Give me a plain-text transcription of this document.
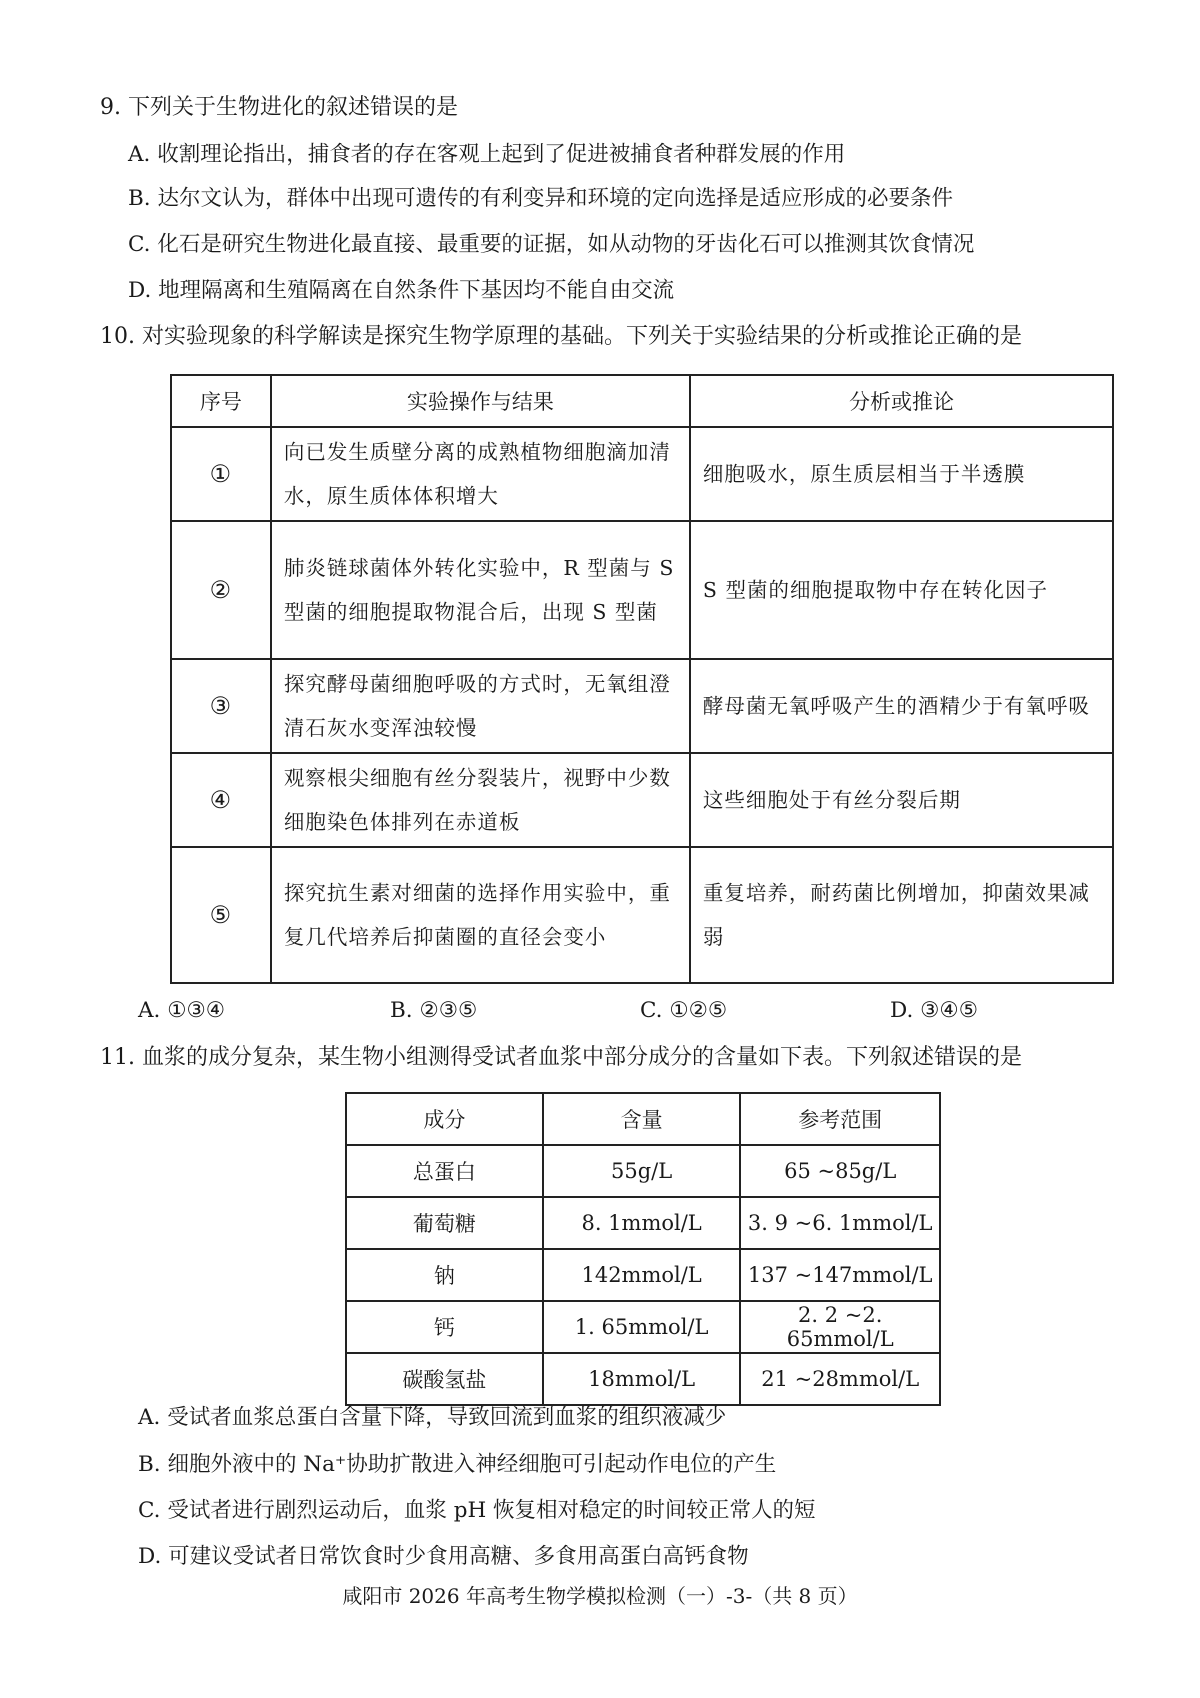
9. 下列关于生物进化的叙述错误的是
A. 收割理论指出，捕食者的存在客观上起到了促进被捕食者种群发展的作用
B. 达尔文认为，群体中出现可遗传的有利变异和环境的定向选择是适应形成的必要条件
C. 化石是研究生物进化最直接、最重要的证据，如从动物的牙齿化石可以推测其饮食情况
D. 地理隔离和生殖隔离在自然条件下基因均不能自由交流
10. 对实验现象的科学解读是探究生物学原理的基础。下列关于实验结果的分析或推论正确的是
序号	实验操作与结果	分析或推论
①	向已发生质壁分离的成熟植物细胞滴加清水，原生质体体积增大	细胞吸水，原生质层相当于半透膜
②	肺炎链球菌体外转化实验中，R 型菌与 S 型菌的细胞提取物混合后，出现 S 型菌	S 型菌的细胞提取物中存在转化因子
③	探究酵母菌细胞呼吸的方式时，无氧组澄清石灰水变浑浊较慢	酵母菌无氧呼吸产生的酒精少于有氧呼吸
④	观察根尖细胞有丝分裂装片，视野中少数细胞染色体排列在赤道板	这些细胞处于有丝分裂后期
⑤	探究抗生素对细菌的选择作用实验中，重复几代培养后抑菌圈的直径会变小	重复培养，耐药菌比例增加，抑菌效果减弱
A. ①③④	B. ②③⑤	C. ①②⑤	D. ③④⑤
11. 血浆的成分复杂，某生物小组测得受试者血浆中部分成分的含量如下表。下列叙述错误的是
成分	含量	参考范围
总蛋白	55g/L	65 ~85g/L
葡萄糖	8. 1mmol/L	3. 9 ~6. 1mmol/L
钠	142mmol/L	137 ~147mmol/L
钙	1. 65mmol/L	2. 2 ~2. 65mmol/L
碳酸氢盐	18mmol/L	21 ~28mmol/L
A. 受试者血浆总蛋白含量下降，导致回流到血浆的组织液减少
B. 细胞外液中的 Na⁺协助扩散进入神经细胞可引起动作电位的产生
C. 受试者进行剧烈运动后，血浆 pH 恢复相对稳定的时间较正常人的短
D. 可建议受试者日常饮食时少食用高糖、多食用高蛋白高钙食物
咸阳市 2026 年高考生物学模拟检测（一）-3-（共 8 页）
